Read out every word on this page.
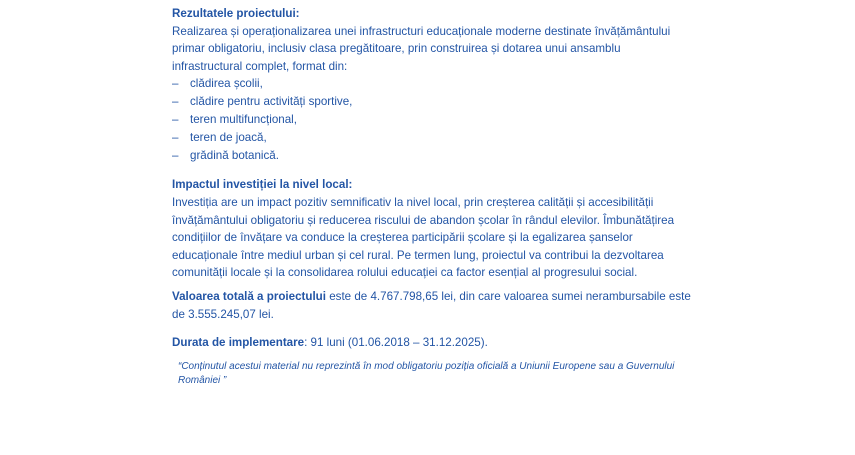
Rezultatele proiectului:

Realizarea și operaționalizarea unei infrastructuri educaționale moderne destinate învățământului primar obligatoriu, inclusiv clasa pregătitoare, prin construirea și dotarea unui ansamblu infrastructural complet, format din:

– clădirea școlii,
– clădire pentru activități sportive,
– teren multifuncțional,
– teren de joacă,
– grădină botanică.

Impactul investiției la nivel local:

Investiția are un impact pozitiv semnificativ la nivel local, prin creșterea calității și accesibilității învățământului obligatoriu și reducerea riscului de abandon școlar în rândul elevilor. Îmbunătățirea condițiilor de învățare va conduce la creșterea participării școlare și la egalizarea șanselor educaționale între mediul urban și cel rural. Pe termen lung, proiectul va contribui la dezvoltarea comunității locale și la consolidarea rolului educației ca factor esențial al progresului social.

Valoarea totală a proiectului este de 4.767.798,65 lei, din care valoarea sumei nerambursabile este de 3.555.245,07 lei.

Durata de implementare: 91 luni (01.06.2018 – 31.12.2025).

“Conținutul acestui material nu reprezintă în mod obligatoriu poziția oficială a Uniunii Europene sau a Guvernului României ”
